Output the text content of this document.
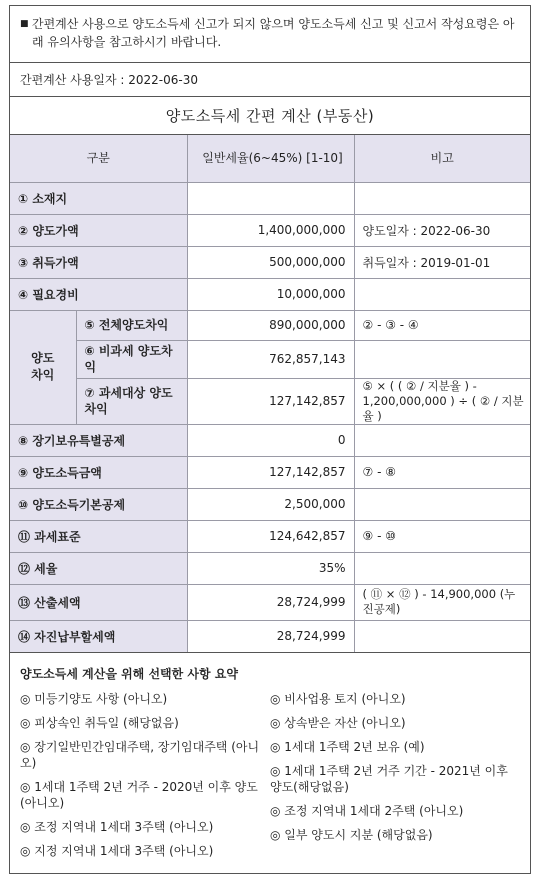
■ 간편계산 사용으로 양도소득세 신고가 되지 않으며 양도소득세 신고 및 신고서 작성요령은 아래 유의사항을 참고하시기 바랍니다.
간편계산 사용일자 : 2022-06-30
양도소득세 간편 계산 (부동산)
구분		일반세율(6~45%) [1-10]	비고
① 소재지			
② 양도가액		1,400,000,000	양도일자 : 2022-06-30
③ 취득가액		500,000,000	취득일자 : 2019-01-01
④ 필요경비		10,000,000	
양도
차익	⑤ 전체양도차익	890,000,000	② - ③ - ④
	⑥ 비과세 양도차익	762,857,143	
	⑦ 과세대상 양도차익	127,142,857	⑤ × ( ( ② / 지분율 ) - 1,200,000,000 ) ÷ ( ② / 지분율 )
⑧ 장기보유특별공제		0	
⑨ 양도소득금액		127,142,857	⑦ - ⑧
⑩ 양도소득기본공제		2,500,000	
⑪ 과세표준		124,642,857	⑨ - ⑩
⑫ 세율		35%	
⑬ 산출세액		28,724,999	( ⑪ × ⑫ ) - 14,900,000 (누진공제)
⑭ 자진납부할세액		28,724,999	
양도소득세 계산을 위해 선택한 사항 요약
◎ 미등기양도 사항 (아니오)
◎ 피상속인 취득일 (해당없음)
◎ 장기일반민간임대주택, 장기임대주택 (아니오)
◎ 1세대 1주택 2년 거주 - 2020년 이후 양도(아니오)
◎ 조정 지역내 1세대 3주택 (아니오)
◎ 지정 지역내 1세대 3주택 (아니오)
◎ 비사업용 토지 (아니오)
◎ 상속받은 자산 (아니오)
◎ 1세대 1주택 2년 보유 (예)
◎ 1세대 1주택 2년 거주 기간 - 2021년 이후 양도(해당없음)
◎ 조정 지역내 1세대 2주택 (아니오)
◎ 일부 양도시 지분 (해당없음)
